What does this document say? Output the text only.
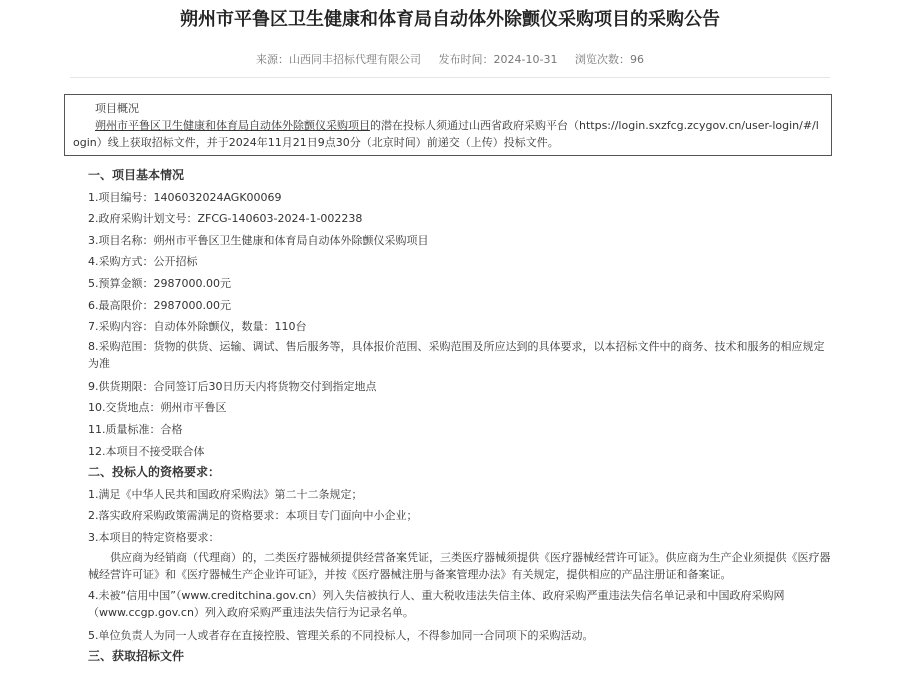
朔州市平鲁区卫生健康和体育局自动体外除颤仪采购项目的采购公告
来源：山西同丰招标代理有限公司 发布时间：2024-10-31 浏览次数：96
项目概况
朔州市平鲁区卫生健康和体育局自动体外除颤仪采购项目的潜在投标人须通过山西省政府采购平台（https://login.sxzfcg.zcygov.cn/user-login/#/login）线上获取招标文件，并于2024年11月21日9点30分（北京时间）前递交（上传）投标文件。

一、项目基本情况

1.项目编号：1406032024AGK00069

2.政府采购计划文号：ZFCG-140603-2024-1-002238

3.项目名称：朔州市平鲁区卫生健康和体育局自动体外除颤仪采购项目

4.采购方式：公开招标

5.预算金额：2987000.00元

6.最高限价：2987000.00元

7.采购内容：自动体外除颤仪，数量：110台

8.采购范围：货物的供货、运输、调试、售后服务等，具体报价范围、采购范围及所应达到的具体要求，以本招标文件中的商务、技术和服务的相应规定为准

9.供货期限：合同签订后30日历天内将货物交付到指定地点

10.交货地点：朔州市平鲁区

11.质量标准：合格

12.本项目不接受联合体

二、投标人的资格要求：

1.满足《中华人民共和国政府采购法》第二十二条规定；

2.落实政府采购政策需满足的资格要求：本项目专门面向中小企业；

3.本项目的特定资格要求：

供应商为经销商（代理商）的，二类医疗器械须提供经营备案凭证，三类医疗器械须提供《医疗器械经营许可证》。供应商为生产企业须提供《医疗器械经营许可证》和《医疗器械生产企业许可证》，并按《医疗器械注册与备案管理办法》有关规定，提供相应的产品注册证和备案证。

4.未被“信用中国”（www.creditchina.gov.cn）列入失信被执行人、重大税收违法失信主体、政府采购严重违法失信名单记录和中国政府采购网（www.ccgp.gov.cn）列入政府采购严重违法失信行为记录名单。

5.单位负责人为同一人或者存在直接控股、管理关系的不同投标人，不得参加同一合同项下的采购活动。

三、获取招标文件
